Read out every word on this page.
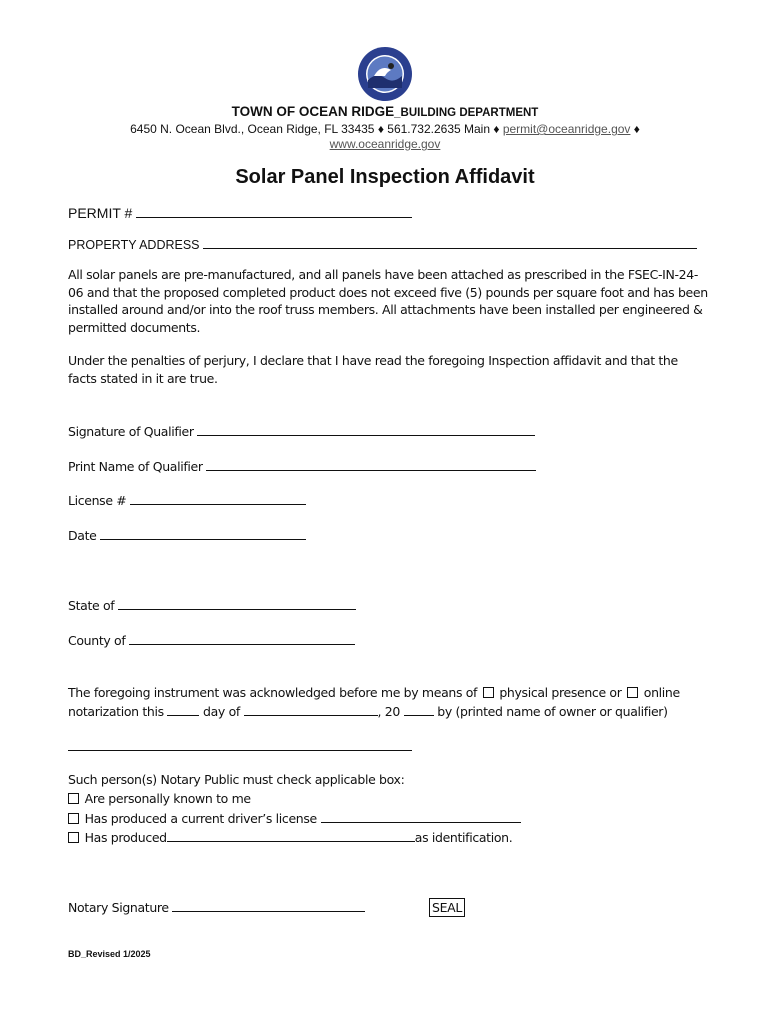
TOWN OF OCEAN RIDGE_BUILDING DEPARTMENT
6450 N. Ocean Blvd., Ocean Ridge, FL 33435 ♦ 561.732.2635 Main ♦ permit@oceanridge.gov ♦
www.oceanridge.gov
Solar Panel Inspection Affidavit
PERMIT #
PROPERTY ADDRESS
All solar panels are pre-manufactured, and all panels have been attached as prescribed in the FSEC-IN-24-06 and that the proposed completed product does not exceed five (5) pounds per square foot and has been installed around and/or into the roof truss members. All attachments have been installed per engineered & permitted documents.
Under the penalties of perjury, I declare that I have read the foregoing Inspection affidavit and that the facts stated in it are true.
Signature of Qualifier
Print Name of Qualifier
License #
Date
State of
County of
The foregoing instrument was acknowledged before me by means of physical presence or online
notarization this	day of	, 20	by (printed name of owner or qualifier)
Such person(s) Notary Public must check applicable box:
Are personally known to me
Has produced a current driver’s license
Has produced	as identification.
Notary Signature	SEAL
BD_Revised 1/2025
